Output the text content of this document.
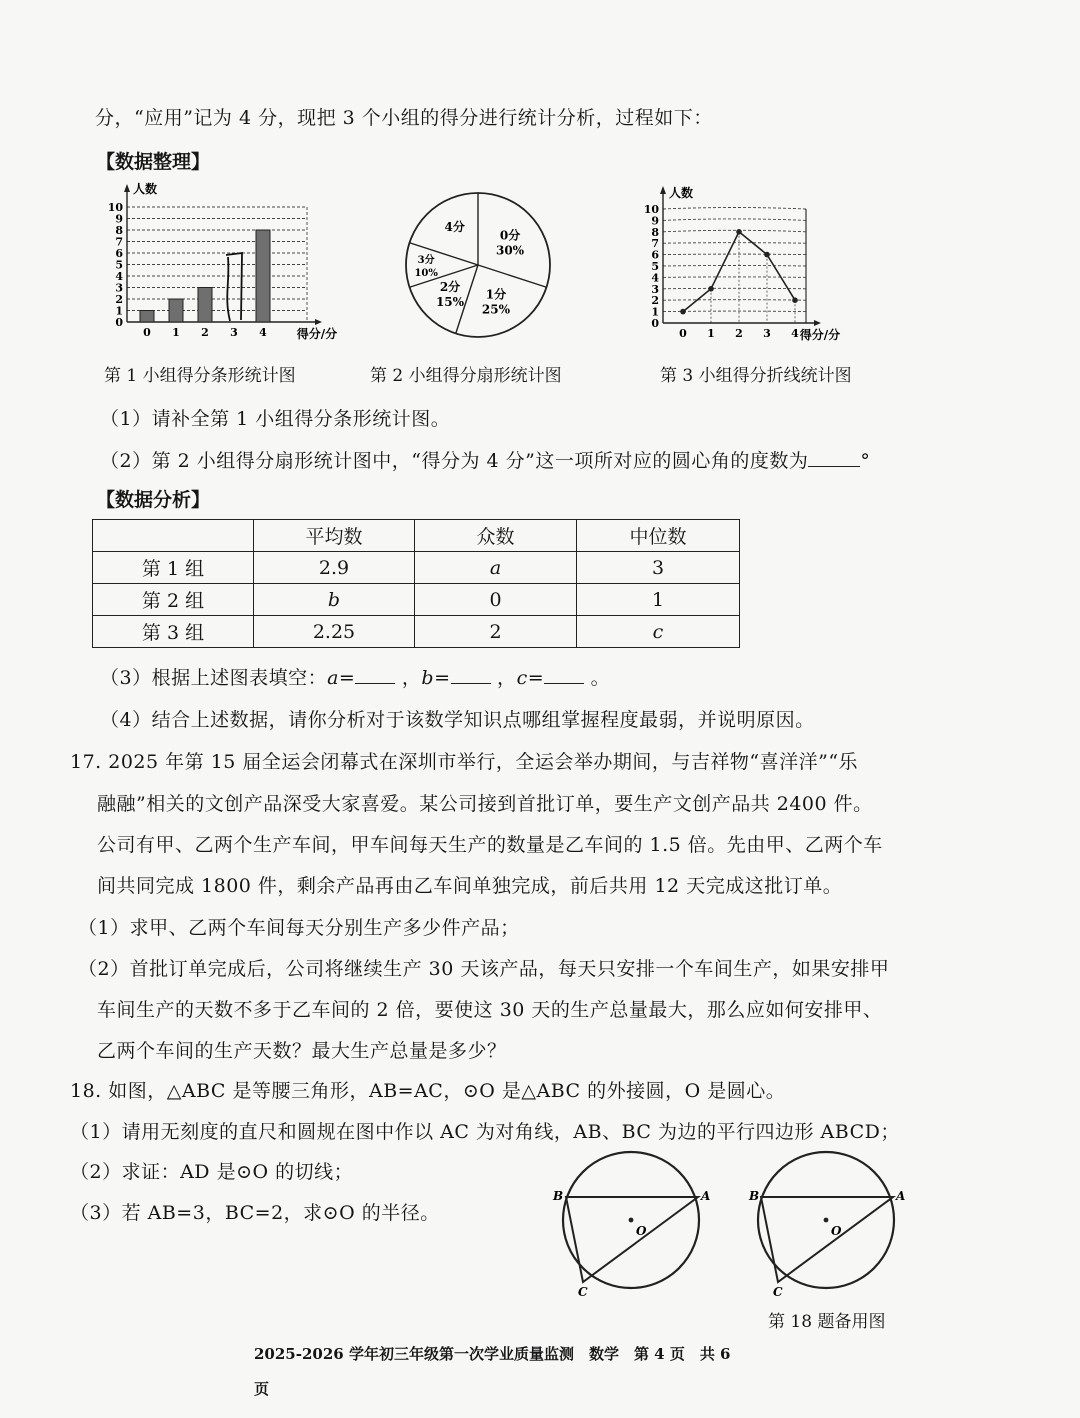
分，“应用”记为 4 分，现把 3 个小组的得分进行统计分析，过程如下：
【数据整理】
0
1
2
3
4
5
6
7
8
9
10
人数
0 1 2 3 4 得分/分
0分
30%
1分
25%
2分
15%
3分
10%
4分
0
1
2
3
4
5
6
7
8
9
10
人数
0 1 2 3 4 得分/分
第 1 小组得分条形统计图	第 2 小组得分扇形统计图	第 3 小组得分折线统计图
（1）请补全第 1 小组得分条形统计图。
（2）第 2 小组得分扇形统计图中，“得分为 4 分”这一项所对应的圆心角的度数为	°
【数据分析】
	平均数	众数	中位数
第 1 组	2.9	a	3
第 2 组	b	0	1
第 3 组	2.25	2	c
（3）根据上述图表填空：a= ，b= ，c= 。
（4）结合上述数据，请你分析对于该数学知识点哪组掌握程度最弱，并说明原因。
17. 2025 年第 15 届全运会闭幕式在深圳市举行，全运会举办期间，与吉祥物“喜洋洋”“乐
融融”相关的文创产品深受大家喜爱。某公司接到首批订单，要生产文创产品共 2400 件。
公司有甲、乙两个生产车间，甲车间每天生产的数量是乙车间的 1.5 倍。先由甲、乙两个车
间共同完成 1800 件，剩余产品再由乙车间单独完成，前后共用 12 天完成这批订单。
（1）求甲、乙两个车间每天分别生产多少件产品；
（2）首批订单完成后，公司将继续生产 30 天该产品，每天只安排一个车间生产，如果安排甲
车间生产的天数不多于乙车间的 2 倍，要使这 30 天的生产总量最大，那么应如何安排甲、
乙两个车间的生产天数？最大生产总量是多少？
18. 如图，△ABC 是等腰三角形，AB=AC，⊙O 是△ABC 的外接圆，O 是圆心。
（1）请用无刻度的直尺和圆规在图中作以 AC 为对角线，AB、BC 为边的平行四边形 ABCD；
（2）求证：AD 是⊙O 的切线；
（3）若 AB=3，BC=2，求⊙O 的半径。
B	A
C
O
B	A
C
O
第 18 题备用图
2025-2026 学年初三年级第一次学业质量监测　数学　第 4 页　共 6
页
